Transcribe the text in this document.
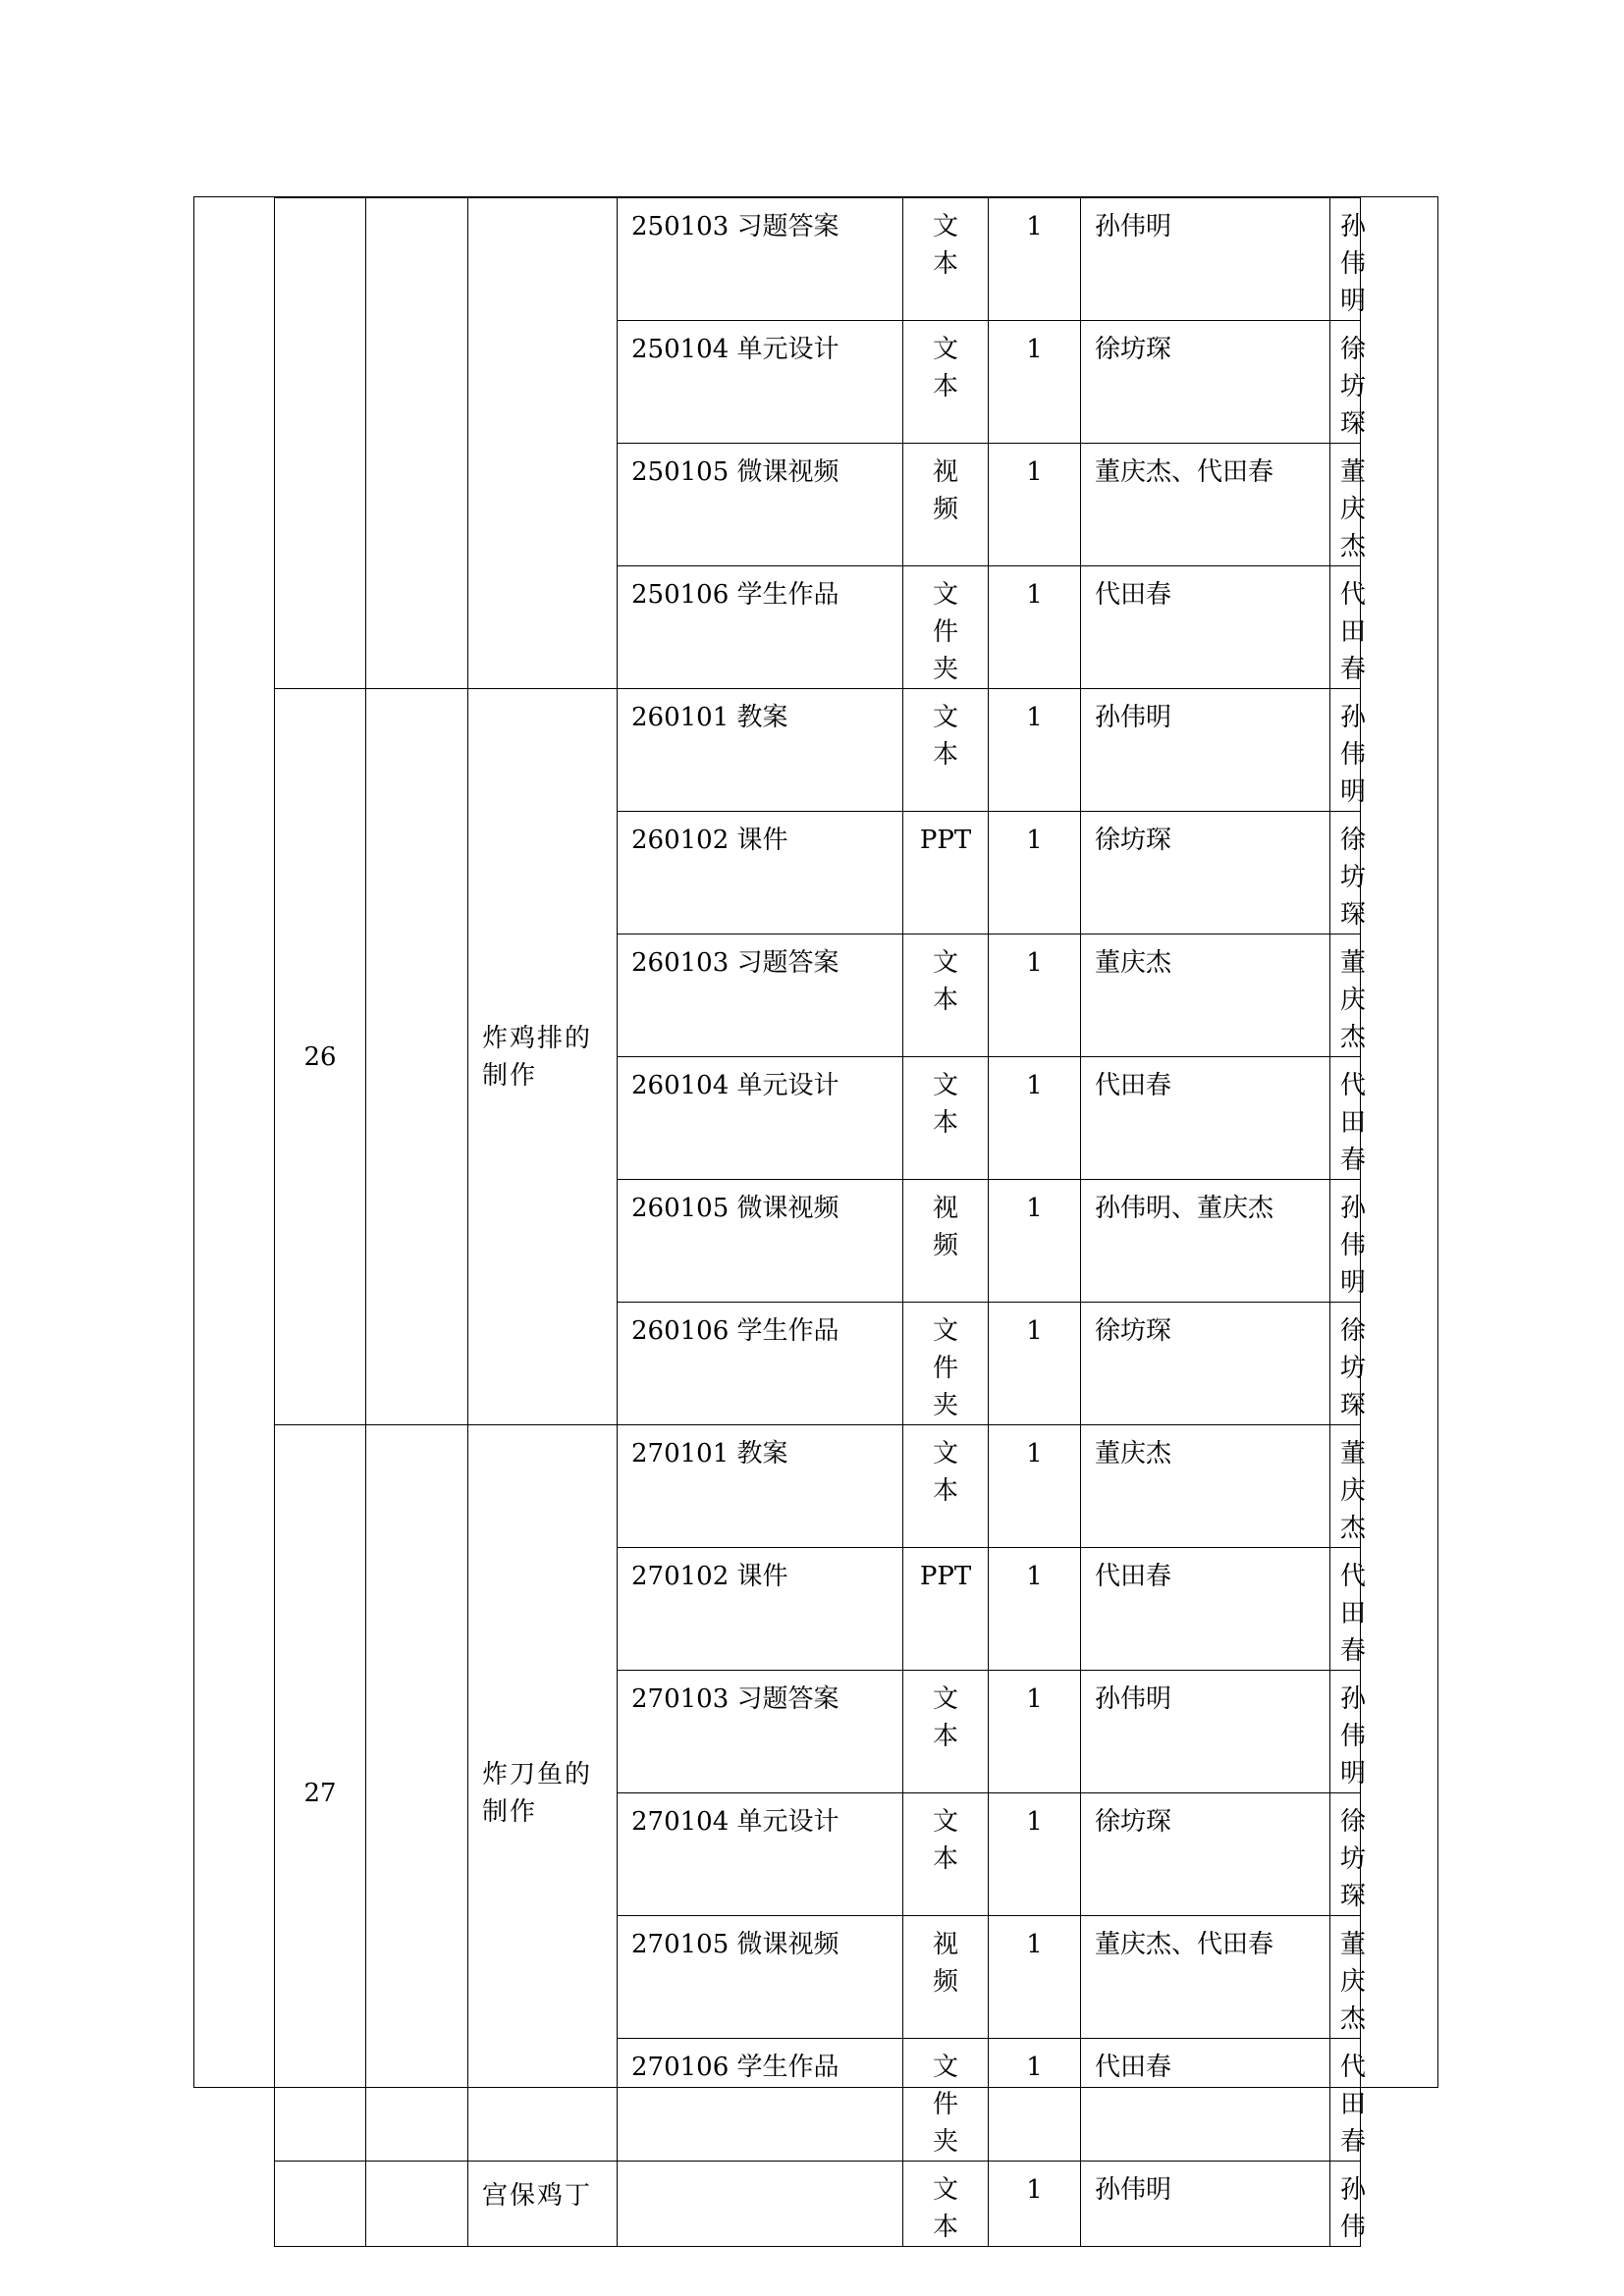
			250103 习题答案	文本	1	孙伟明	孙伟明

			250104 单元设计	文本	1	徐坊琛	徐坊琛

			250105 微课视频	视频	1	董庆杰、代田春	董庆杰

			250106 学生作品	文件夹	1	代田春	代田春

26		炸鸡排的制作	260101 教案	文本	1	孙伟明	孙伟明

			260102 课件	PPT	1	徐坊琛	徐坊琛

			260103 习题答案	文本	1	董庆杰	董庆杰

			260104 单元设计	文本	1	代田春	代田春

			260105 微课视频	视频	1	孙伟明、董庆杰	孙伟明

			260106 学生作品	文件夹	1	徐坊琛	徐坊琛

27		炸刀鱼的制作	270101 教案	文本	1	董庆杰	董庆杰

			270102 课件	PPT	1	代田春	代田春

			270103 习题答案	文本	1	孙伟明	孙伟明

			270104 单元设计	文本	1	徐坊琛	徐坊琛

			270105 微课视频	视频	1	董庆杰、代田春	董庆杰

			270106 学生作品	文件夹	1	代田春	代田春

		宫保鸡丁		文本	1	孙伟明	孙伟
